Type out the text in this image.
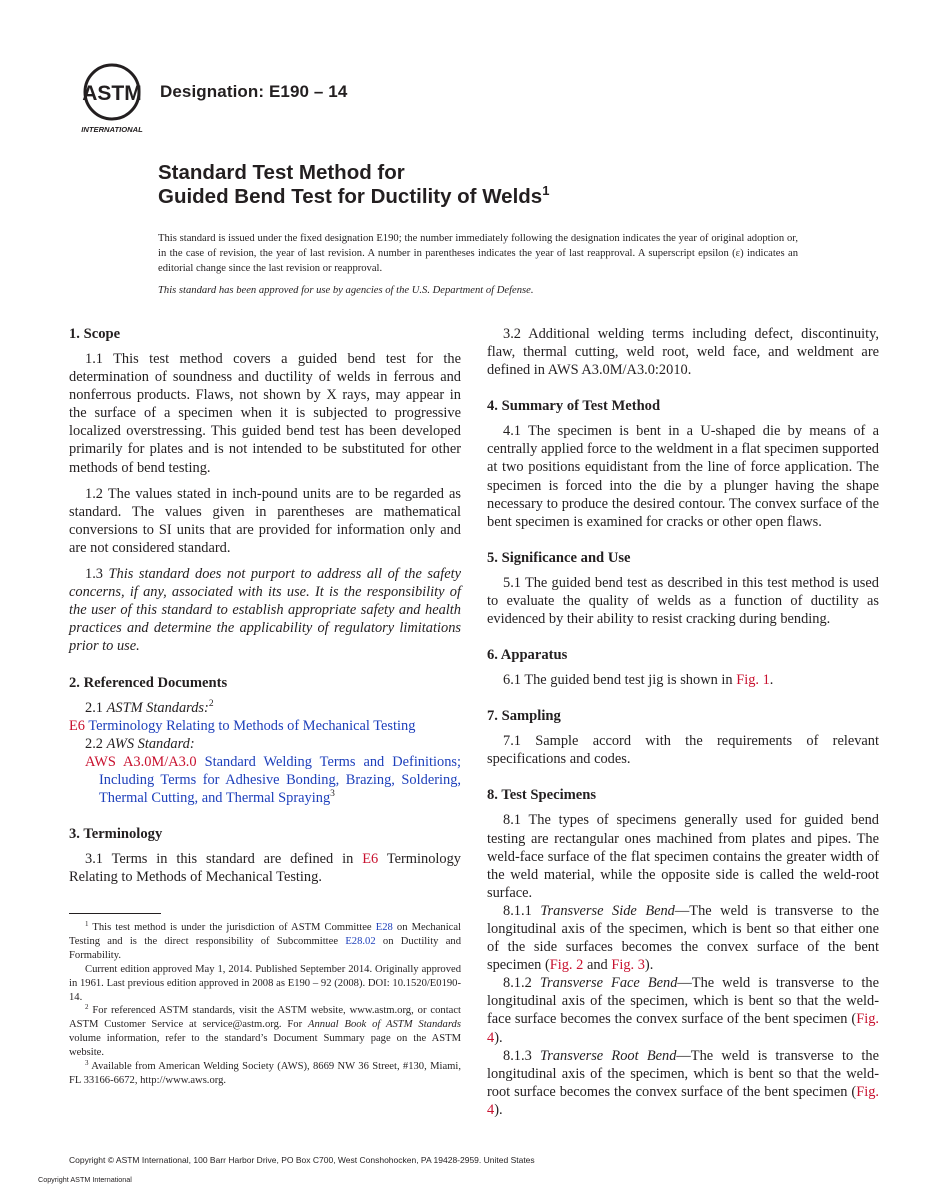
ASTM
INTERNATIONAL
Designation: E190 – 14
Standard Test Method for
Guided Bend Test for Ductility of Welds$^1$

This standard is issued under the fixed designation E190; the number immediately following the designation indicates the year of original adoption or, in the case of revision, the year of last revision. A number in parentheses indicates the year of last reapproval. A superscript epsilon (ε) indicates an editorial change since the last revision or reapproval.

This standard has been approved for use by agencies of the U.S. Department of Defense.

1. Scope

1.1 This test method covers a guided bend test for the determination of soundness and ductility of welds in ferrous and nonferrous products. Flaws, not shown by X rays, may appear in the surface of a specimen when it is subjected to progressive localized overstressing. This guided bend test has been developed primarily for plates and is not intended to be substituted for other methods of bend testing.

1.2 The values stated in inch-pound units are to be regarded as standard. The values given in parentheses are mathematical conversions to SI units that are provided for information only and are not considered standard.

1.3 This standard does not purport to address all of the safety concerns, if any, associated with its use. It is the responsibility of the user of this standard to establish appropriate safety and health practices and determine the applicability of regulatory limitations prior to use.

2. Referenced Documents

2.1 ASTM Standards:$^2$

E6 Terminology Relating to Methods of Mechanical Testing

2.2 AWS Standard:

AWS A3.0M/A3.0 Standard Welding Terms and Definitions; Including Terms for Adhesive Bonding, Brazing, Soldering, Thermal Cutting, and Thermal Spraying$^3$

3. Terminology

3.1 Terms in this standard are defined in E6 Terminology Relating to Methods of Mechanical Testing.

$^1$ This test method is under the jurisdiction of ASTM Committee E28 on Mechanical Testing and is the direct responsibility of Subcommittee E28.02 on Ductility and Formability.

Current edition approved May 1, 2014. Published September 2014. Originally approved in 1961. Last previous edition approved in 2008 as E190 – 92 (2008). DOI: 10.1520/E0190-14.

$^2$ For referenced ASTM standards, visit the ASTM website, www.astm.org, or contact ASTM Customer Service at service@astm.org. For Annual Book of ASTM Standards volume information, refer to the standard’s Document Summary page on the ASTM website.

$^3$ Available from American Welding Society (AWS), 8669 NW 36 Street, #130, Miami, FL 33166-6672, http://www.aws.org.

3.2 Additional welding terms including defect, discontinuity, flaw, thermal cutting, weld root, weld face, and weldment are defined in AWS A3.0M/A3.0:2010.

4. Summary of Test Method

4.1 The specimen is bent in a U-shaped die by means of a centrally applied force to the weldment in a flat specimen supported at two positions equidistant from the line of force application. The specimen is forced into the die by a plunger having the shape necessary to produce the desired contour. The convex surface of the bent specimen is examined for cracks or other open flaws.

5. Significance and Use

5.1 The guided bend test as described in this test method is used to evaluate the quality of welds as a function of ductility as evidenced by their ability to resist cracking during bending.

6. Apparatus

6.1 The guided bend test jig is shown in Fig. 1.

7. Sampling

7.1 Sample accord with the requirements of relevant specifications and codes.

8. Test Specimens

8.1 The types of specimens generally used for guided bend testing are rectangular ones machined from plates and pipes. The weld-face surface of the flat specimen contains the greater width of the weld material, while the opposite side is called the weld-root surface.

8.1.1 Transverse Side Bend—The weld is transverse to the longitudinal axis of the specimen, which is bent so that either one of the side surfaces becomes the convex surface of the bent specimen (Fig. 2 and Fig. 3).

8.1.2 Transverse Face Bend—The weld is transverse to the longitudinal axis of the specimen, which is bent so that the weld-face surface becomes the convex surface of the bent specimen (Fig. 4).

8.1.3 Transverse Root Bend—The weld is transverse to the longitudinal axis of the specimen, which is bent so that the weld-root surface becomes the convex surface of the bent specimen (Fig. 4).

Copyright © ASTM International, 100 Barr Harbor Drive, PO Box C700, West Conshohocken, PA 19428-2959. United States
Copyright ASTM International
